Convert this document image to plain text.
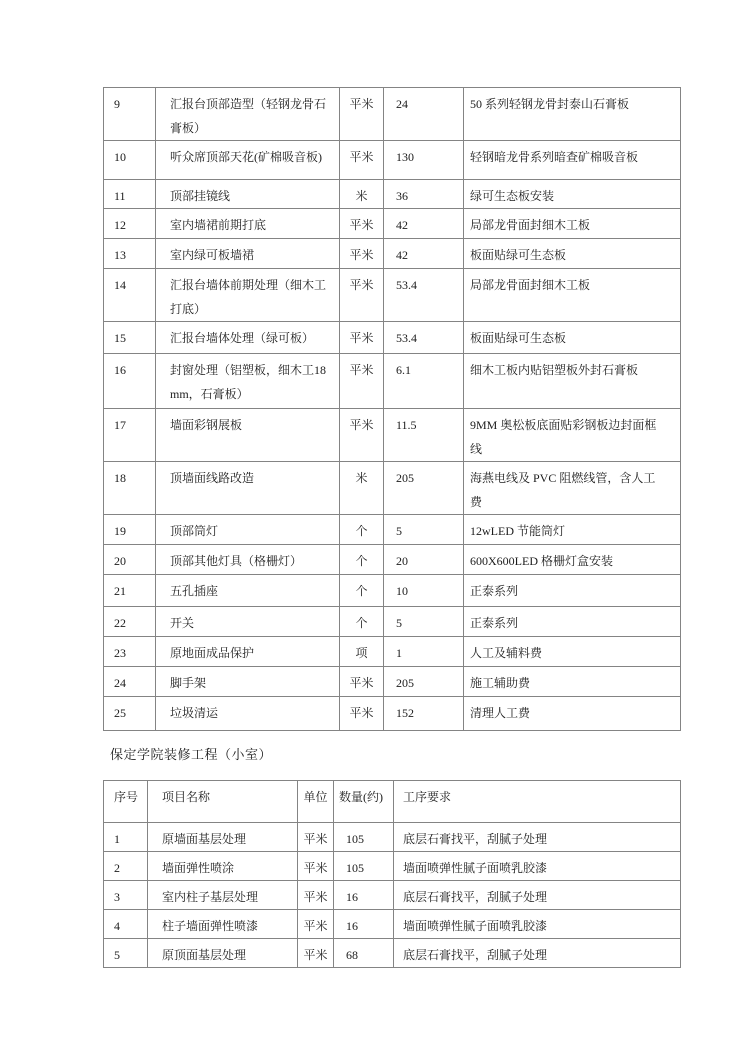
9	汇报台顶部造型（轻钢龙骨石膏板）	平米	24	50 系列轻钢龙骨封泰山石膏板
10	听众席顶部天花(矿棉吸音板)	平米	130	轻钢暗龙骨系列暗查矿棉吸音板
11	顶部挂镜线	米	36	绿可生态板安装
12	室内墙裙前期打底	平米	42	局部龙骨面封细木工板
13	室内绿可板墙裙	平米	42	板面贴绿可生态板
14	汇报台墙体前期处理（细木工打底）	平米	53.4	局部龙骨面封细木工板
15	汇报台墙体处理（绿可板）	平米	53.4	板面贴绿可生态板
16	封窗处理（铝塑板，细木工18mm，石膏板）	平米	6.1	细木工板内贴铝塑板外封石膏板
17	墙面彩钢展板	平米	11.5	9MM 奥松板底面贴彩钢板边封面框线
18	顶墙面线路改造	米	205	海燕电线及 PVC 阻燃线管，含人工费
19	顶部筒灯	个	5	12wLED 节能筒灯
20	顶部其他灯具（格栅灯）	个	20	600X600LED 格栅灯盒安装
21	五孔插座	个	10	正泰系列
22	开关	个	5	正泰系列
23	原地面成品保护	项	1	人工及辅料费
24	脚手架	平米	205	施工辅助费
25	垃圾清运	平米	152	清理人工费
保定学院装修工程（小室）
序号	项目名称	单位	数量(约)	工序要求
1	原墙面基层处理	平米	105	底层石膏找平，刮腻子处理
2	墙面弹性喷涂	平米	105	墙面喷弹性腻子面喷乳胶漆
3	室内柱子基层处理	平米	16	底层石膏找平，刮腻子处理
4	柱子墙面弹性喷漆	平米	16	墙面喷弹性腻子面喷乳胶漆
5	原顶面基层处理	平米	68	底层石膏找平，刮腻子处理
